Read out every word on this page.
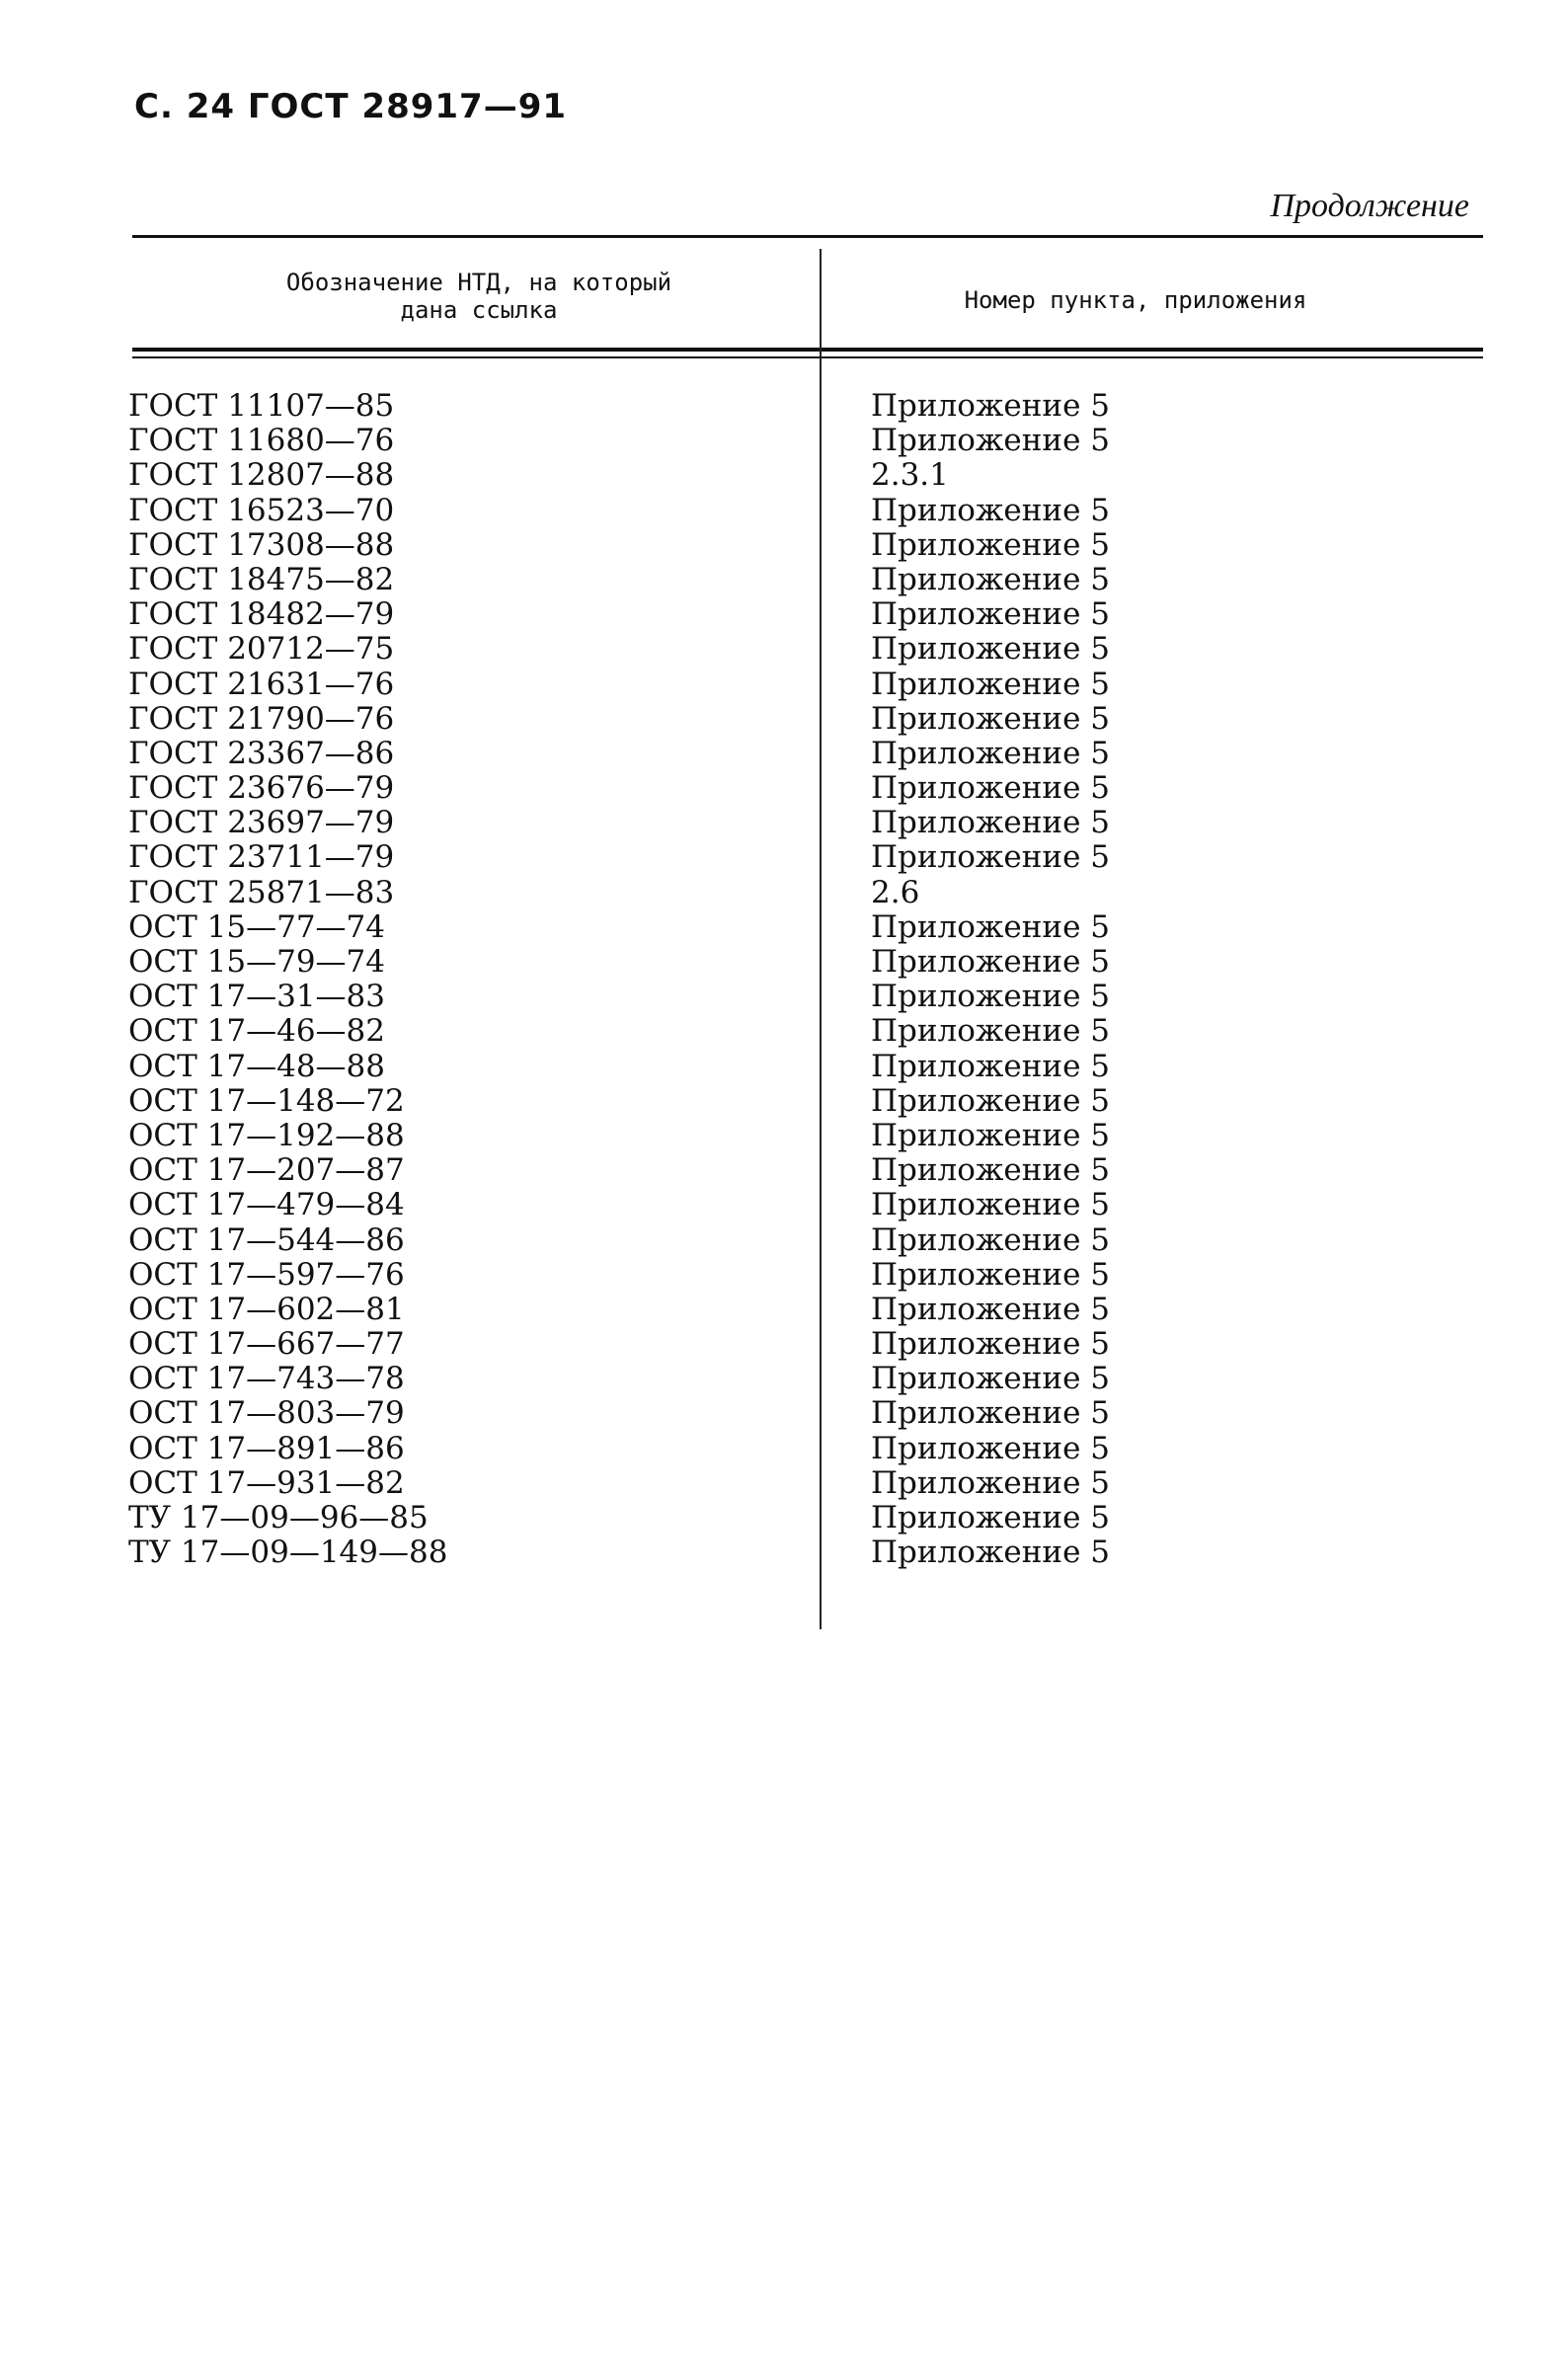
С. 24 ГОСТ 28917—91

Продолжение

Обозначение НТД, на который
дана ссылка	Номер пункта, приложения
ГОСТ 11107—85	Приложение 5
ГОСТ 11680—76	Приложение 5
ГОСТ 12807—88	2.3.1
ГОСТ 16523—70	Приложение 5
ГОСТ 17308—88	Приложение 5
ГОСТ 18475—82	Приложение 5
ГОСТ 18482—79	Приложение 5
ГОСТ 20712—75	Приложение 5
ГОСТ 21631—76	Приложение 5
ГОСТ 21790—76	Приложение 5
ГОСТ 23367—86	Приложение 5
ГОСТ 23676—79	Приложение 5
ГОСТ 23697—79	Приложение 5
ГОСТ 23711—79	Приложение 5
ГОСТ 25871—83	2.6
ОСТ 15—77—74	Приложение 5
ОСТ 15—79—74	Приложение 5
ОСТ 17—31—83	Приложение 5
ОСТ 17—46—82	Приложение 5
ОСТ 17—48—88	Приложение 5
ОСТ 17—148—72	Приложение 5
ОСТ 17—192—88	Приложение 5
ОСТ 17—207—87	Приложение 5
ОСТ 17—479—84	Приложение 5
ОСТ 17—544—86	Приложение 5
ОСТ 17—597—76	Приложение 5
ОСТ 17—602—81	Приложение 5
ОСТ 17—667—77	Приложение 5
ОСТ 17—743—78	Приложение 5
ОСТ 17—803—79	Приложение 5
ОСТ 17—891—86	Приложение 5
ОСТ 17—931—82	Приложение 5
ТУ 17—09—96—85	Приложение 5
ТУ 17—09—149—88	Приложение 5
